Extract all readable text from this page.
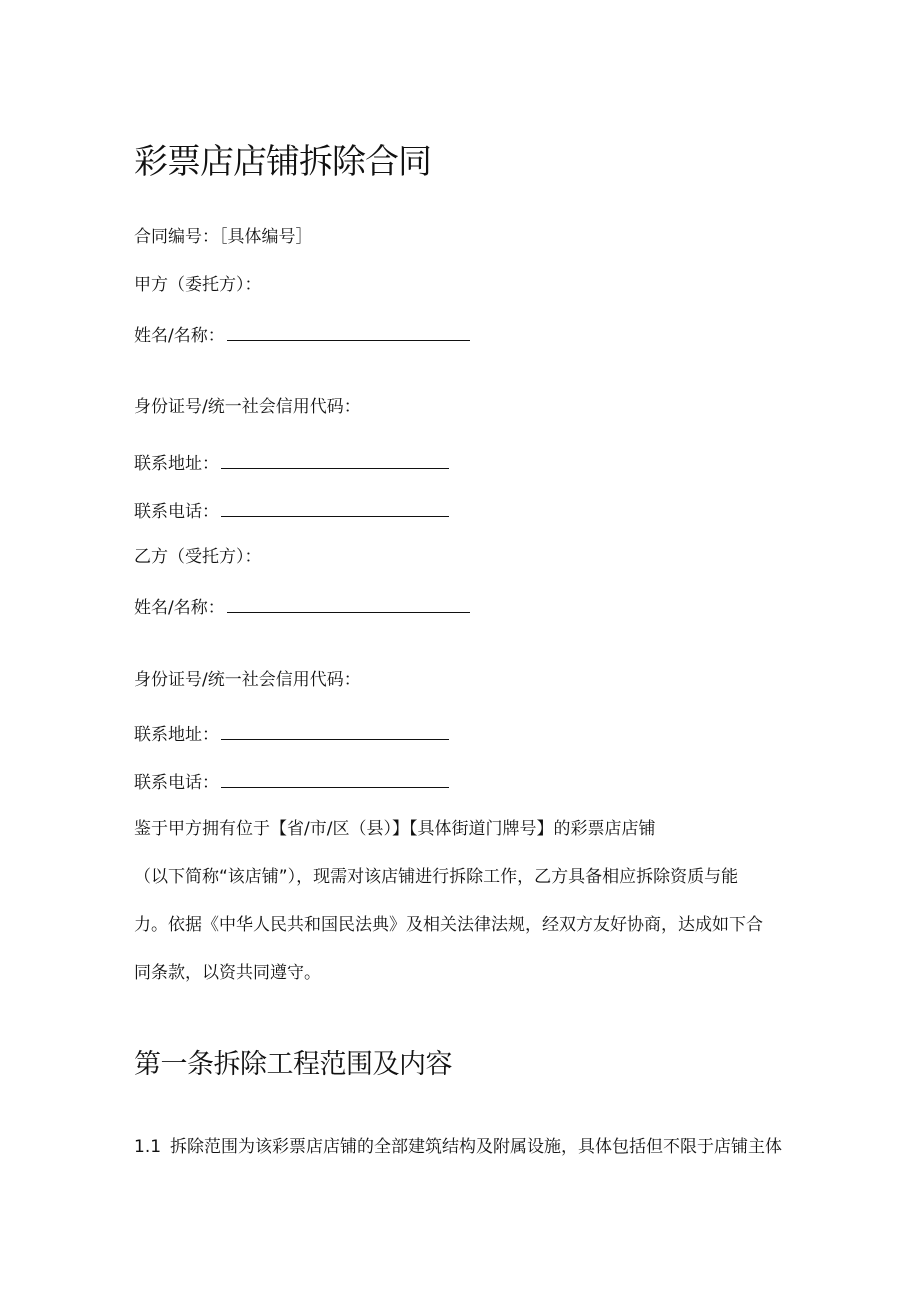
彩票店店铺拆除合同
合同编号：［具体编号］
甲方（委托方）：
姓名/名称：
身份证号/统一社会信用代码：
联系地址：
联系电话：
乙方（受托方）：
姓名/名称：
身份证号/统一社会信用代码：
联系地址：
联系电话：
鉴于甲方拥有位于【省/市/区（县）】【具体街道门牌号】的彩票店店铺
（以下简称“该店铺”），现需对该店铺进行拆除工作，乙方具备相应拆除资质与能
力。依据《中华人民共和国民法典》及相关法律法规，经双方友好协商，达成如下合
同条款，以资共同遵守。
第一条拆除工程范围及内容
1.1 拆除范围为该彩票店店铺的全部建筑结构及附属设施，具体包括但不限于店铺主体
